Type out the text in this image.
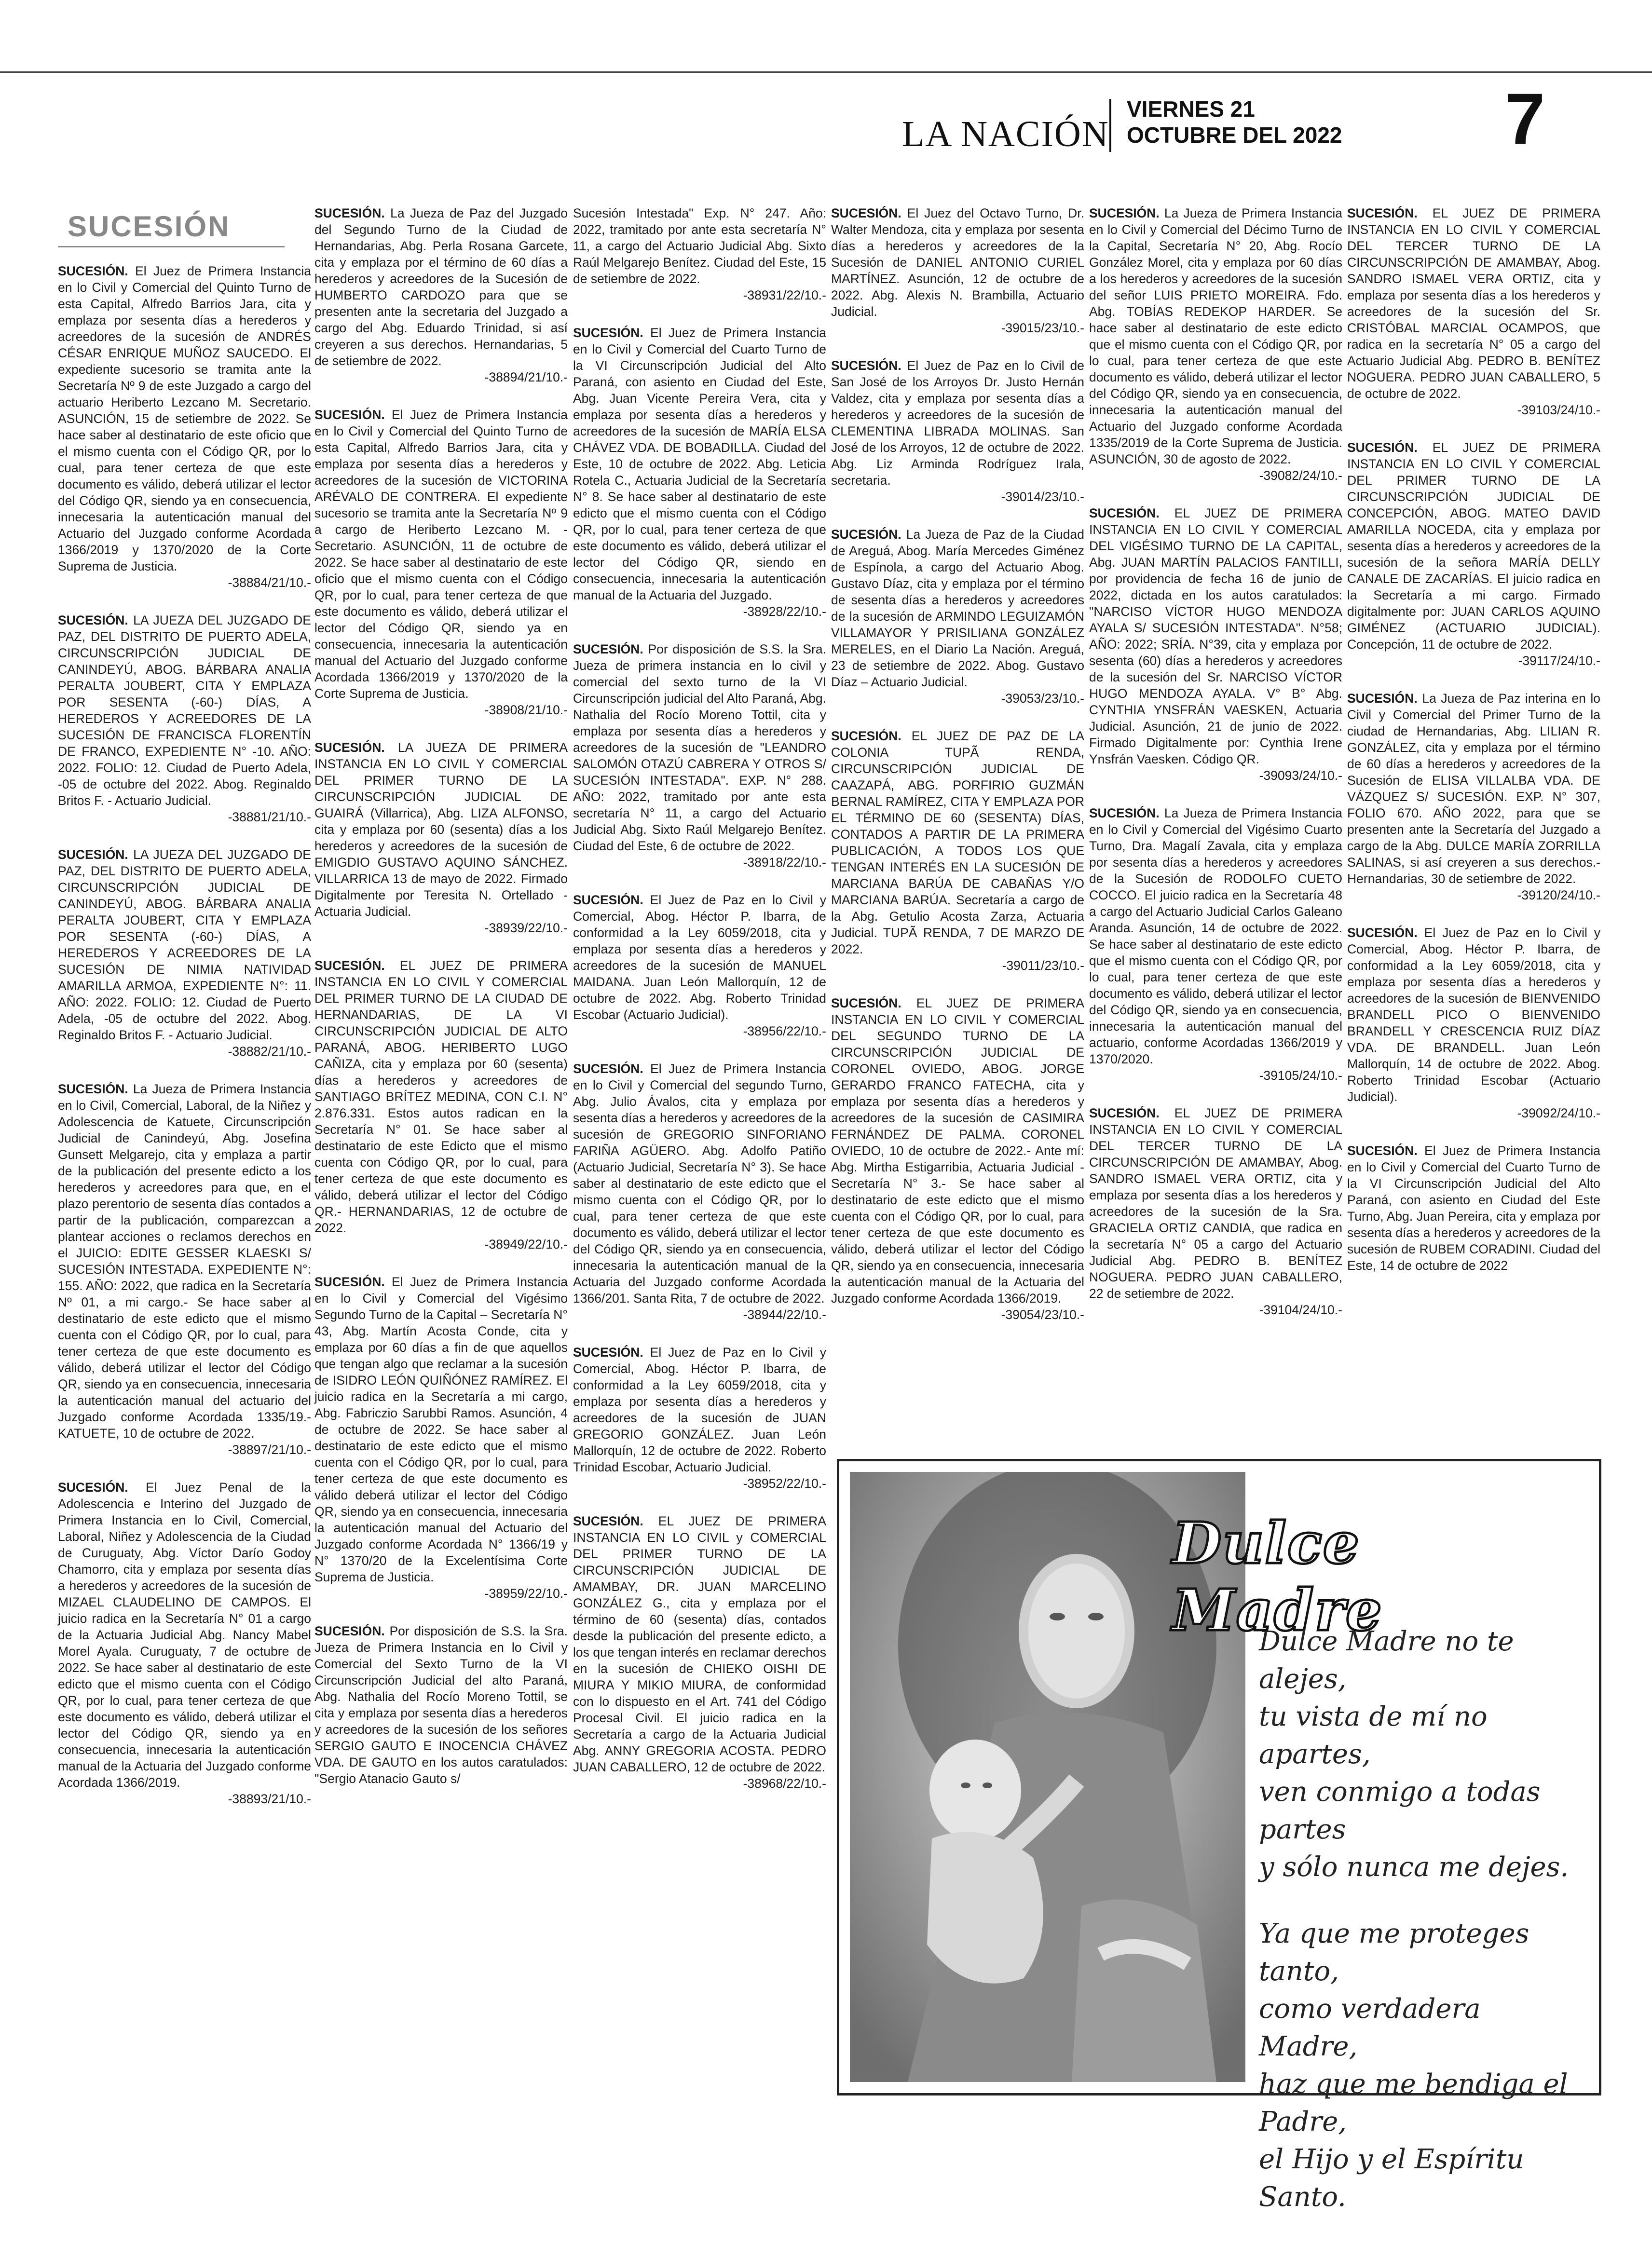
LA NACIÓN
VIERNES 21
OCTUBRE DEL 2022 7
SUCESIÓN
SUCESIÓN. El Juez de Primera Instancia en lo Civil y Comercial del Quinto Turno de esta Capital, Alfredo Barrios Jara, cita y emplaza por sesenta días a herederos y acreedores de la sucesión de ANDRÉS CÉSAR ENRIQUE MUÑOZ SAUCEDO. El expediente sucesorio se tramita ante la Secretaría Nº 9 de este Juzgado a cargo del actuario Heriberto Lezcano M. Secretario. ASUNCIÓN, 15 de setiembre de 2022. Se hace saber al destinatario de este oficio que el mismo cuenta con el Código QR, por lo cual, para tener certeza de que este documento es válido, deberá utilizar el lector del Código QR, siendo ya en consecuencia, innecesaria la autenticación manual del Actuario del Juzgado conforme Acordada 1366/2019 y 1370/2020 de la Corte Suprema de Justicia.
-38884/21/10.-
SUCESIÓN. LA JUEZA DEL JUZGADO DE PAZ, DEL DISTRITO DE PUERTO ADELA, CIRCUNSCRIPCIÓN JUDICIAL DE CANINDEYÚ, ABOG. BÁRBARA ANALIA PERALTA JOUBERT, CITA Y EMPLAZA POR SESENTA (-60-) DÍAS, A HEREDEROS Y ACREEDORES DE LA SUCESIÓN DE FRANCISCA FLORENTÍN DE FRANCO, EXPEDIENTE N° -10. AÑO: 2022. FOLIO: 12. Ciudad de Puerto Adela, -05 de octubre del 2022. Abog. Reginaldo Britos F. - Actuario Judicial.
-38881/21/10.-
SUCESIÓN. LA JUEZA DEL JUZGADO DE PAZ, DEL DISTRITO DE PUERTO ADELA, CIRCUNSCRIPCIÓN JUDICIAL DE CANINDEYÚ, ABOG. BÁRBARA ANALIA PERALTA JOUBERT, CITA Y EMPLAZA POR SESENTA (-60-) DÍAS, A HEREDEROS Y ACREEDORES DE LA SUCESIÓN DE NIMIA NATIVIDAD AMARILLA ARMOA, EXPEDIENTE N°: 11. AÑO: 2022. FOLIO: 12. Ciudad de Puerto Adela, -05 de octubre del 2022. Abog. Reginaldo Britos F. - Actuario Judicial.
-38882/21/10.-
SUCESIÓN. La Jueza de Primera Instancia en lo Civil, Comercial, Laboral, de la Niñez y Adolescencia de Katuete, Circunscripción Judicial de Canindeyú, Abg. Josefina Gunsett Melgarejo, cita y emplaza a partir de la publicación del presente edicto a los herederos y acreedores para que, en el plazo perentorio de sesenta días contados a partir de la publicación, comparezcan a plantear acciones o reclamos derechos en el JUICIO: EDITE GESSER KLAESKI S/ SUCESIÓN INTESTADA. EXPEDIENTE N°: 155. AÑO: 2022, que radica en la Secretaría Nº 01, a mi cargo.- Se hace saber al destinatario de este edicto que el mismo cuenta con el Código QR, por lo cual, para tener certeza de que este documento es válido, deberá utilizar el lector del Código QR, siendo ya en consecuencia, innecesaria la autenticación manual del actuario del Juzgado conforme Acordada 1335/19.- KATUETE, 10 de octubre de 2022.
-38897/21/10.-
SUCESIÓN. El Juez Penal de la Adolescencia e Interino del Juzgado de Primera Instancia en lo Civil, Comercial, Laboral, Niñez y Adolescencia de la Ciudad de Curuguaty, Abg. Víctor Darío Godoy Chamorro, cita y emplaza por sesenta días a herederos y acreedores de la sucesión de MIZAEL CLAUDELINO DE CAMPOS. El juicio radica en la Secretaría N° 01 a cargo de la Actuaria Judicial Abg. Nancy Mabel Morel Ayala. Curuguaty, 7 de octubre de 2022. Se hace saber al destinatario de este edicto que el mismo cuenta con el Código QR, por lo cual, para tener certeza de que este documento es válido, deberá utilizar el lector del Código QR, siendo ya en consecuencia, innecesaria la autenticación manual de la Actuaria del Juzgado conforme Acordada 1366/2019.
-38893/21/10.-
SUCESIÓN. La Jueza de Paz del Juzgado del Segundo Turno de la Ciudad de Hernandarias, Abg. Perla Rosana Garcete, cita y emplaza por el término de 60 días a herederos y acreedores de la Sucesión de HUMBERTO CARDOZO para que se presenten ante la secretaria del Juzgado a cargo del Abg. Eduardo Trinidad, si así creyeren a sus derechos. Hernandarias, 5 de setiembre de 2022.
-38894/21/10.-
SUCESIÓN. El Juez de Primera Instancia en lo Civil y Comercial del Quinto Turno de esta Capital, Alfredo Barrios Jara, cita y emplaza por sesenta días a herederos y acreedores de la sucesión de VICTORINA ARÉVALO DE CONTRERA. El expediente sucesorio se tramita ante la Secretaría Nº 9 a cargo de Heriberto Lezcano M. - Secretario. ASUNCIÓN, 11 de octubre de 2022. Se hace saber al destinatario de este oficio que el mismo cuenta con el Código QR, por lo cual, para tener certeza de que este documento es válido, deberá utilizar el lector del Código QR, siendo ya en consecuencia, innecesaria la autenticación manual del Actuario del Juzgado conforme Acordada 1366/2019 y 1370/2020 de la Corte Suprema de Justicia.
-38908/21/10.-
SUCESIÓN. LA JUEZA DE PRIMERA INSTANCIA EN LO CIVIL Y COMERCIAL DEL PRIMER TURNO DE LA CIRCUNSCRIPCIÓN JUDICIAL DE GUAIRÁ (Villarrica), Abg. LIZA ALFONSO, cita y emplaza por 60 (sesenta) días a los herederos y acreedores de la sucesión de EMIGDIO GUSTAVO AQUINO SÁNCHEZ. VILLARRICA 13 de mayo de 2022. Firmado Digitalmente por Teresita N. Ortellado - Actuaria Judicial.
-38939/22/10.-
SUCESIÓN. EL JUEZ DE PRIMERA INSTANCIA EN LO CIVIL Y COMERCIAL DEL PRIMER TURNO DE LA CIUDAD DE HERNANDARIAS, DE LA VI CIRCUNSCRIPCIÓN JUDICIAL DE ALTO PARANÁ, ABOG. HERIBERTO LUGO CAÑIZA, cita y emplaza por 60 (sesenta) días a herederos y acreedores de SANTIAGO BRÍTEZ MEDINA, CON C.I. N° 2.876.331. Estos autos radican en la Secretaría N° 01. Se hace saber al destinatario de este Edicto que el mismo cuenta con Código QR, por lo cual, para tener certeza de que este documento es válido, deberá utilizar el lector del Código QR.- HERNANDARIAS, 12 de octubre de 2022.
-38949/22/10.-
SUCESIÓN. El Juez de Primera Instancia en lo Civil y Comercial del Vigésimo Segundo Turno de la Capital – Secretaría N° 43, Abg. Martín Acosta Conde, cita y emplaza por 60 días a fin de que aquellos que tengan algo que reclamar a la sucesión de ISIDRO LEÓN QUIÑÓNEZ RAMÍREZ. El juicio radica en la Secretaría a mi cargo, Abg. Fabriczio Sarubbi Ramos. Asunción, 4 de octubre de 2022. Se hace saber al destinatario de este edicto que el mismo cuenta con el Código QR, por lo cual, para tener certeza de que este documento es válido deberá utilizar el lector del Código QR, siendo ya en consecuencia, innecesaria la autenticación manual del Actuario del Juzgado conforme Acordada N° 1366/19 y N° 1370/20 de la Excelentísima Corte Suprema de Justicia.
-38959/22/10.-
SUCESIÓN. Por disposición de S.S. la Sra. Jueza de Primera Instancia en lo Civil y Comercial del Sexto Turno de la VI Circunscripción Judicial del alto Paraná, Abg. Nathalia del Rocío Moreno Tottil, se cita y emplaza por sesenta días a herederos y acreedores de la sucesión de los señores SERGIO GAUTO E INOCENCIA CHÁVEZ VDA. DE GAUTO en los autos caratulados: "Sergio Atanacio Gauto s/
Sucesión Intestada" Exp. N° 247. Año: 2022, tramitado por ante esta secretaría N° 11, a cargo del Actuario Judicial Abg. Sixto Raúl Melgarejo Benítez. Ciudad del Este, 15 de setiembre de 2022.
-38931/22/10.-
SUCESIÓN. El Juez de Primera Instancia en lo Civil y Comercial del Cuarto Turno de la VI Circunscripción Judicial del Alto Paraná, con asiento en Ciudad del Este, Abg. Juan Vicente Pereira Vera, cita y emplaza por sesenta días a herederos y acreedores de la sucesión de MARÍA ELSA CHÁVEZ VDA. DE BOBADILLA. Ciudad del Este, 10 de octubre de 2022. Abg. Leticia Rotela C., Actuaria Judicial de la Secretaría N° 8. Se hace saber al destinatario de este edicto que el mismo cuenta con el Código QR, por lo cual, para tener certeza de que este documento es válido, deberá utilizar el lector del Código QR, siendo en consecuencia, innecesaria la autenticación manual de la Actuaria del Juzgado.
-38928/22/10.-
SUCESIÓN. Por disposición de S.S. la Sra. Jueza de primera instancia en lo civil y comercial del sexto turno de la VI Circunscripción judicial del Alto Paraná, Abg. Nathalia del Rocío Moreno Tottil, cita y emplaza por sesenta días a herederos y acreedores de la sucesión de "LEANDRO SALOMÓN OTAZÚ CABRERA Y OTROS S/ SUCESIÓN INTESTADA". EXP. N° 288. AÑO: 2022, tramitado por ante esta secretaría N° 11, a cargo del Actuario Judicial Abg. Sixto Raúl Melgarejo Benítez. Ciudad del Este, 6 de octubre de 2022.
-38918/22/10.-
SUCESIÓN. El Juez de Paz en lo Civil y Comercial, Abog. Héctor P. Ibarra, de conformidad a la Ley 6059/2018, cita y emplaza por sesenta días a herederos y acreedores de la sucesión de MANUEL MAIDANA. Juan León Mallorquín, 12 de octubre de 2022. Abg. Roberto Trinidad Escobar (Actuario Judicial).
-38956/22/10.-
SUCESIÓN. El Juez de Primera Instancia en lo Civil y Comercial del segundo Turno, Abg. Julio Ávalos, cita y emplaza por sesenta días a herederos y acreedores de la sucesión de GREGORIO SINFORIANO FARIÑA AGÜERO. Abg. Adolfo Patiño (Actuario Judicial, Secretaría N° 3). Se hace saber al destinatario de este edicto que el mismo cuenta con el Código QR, por lo cual, para tener certeza de que este documento es válido, deberá utilizar el lector del Código QR, siendo ya en consecuencia, innecesaria la autenticación manual de la Actuaria del Juzgado conforme Acordada 1366/201. Santa Rita, 7 de octubre de 2022.
-38944/22/10.-
SUCESIÓN. El Juez de Paz en lo Civil y Comercial, Abog. Héctor P. Ibarra, de conformidad a la Ley 6059/2018, cita y emplaza por sesenta días a herederos y acreedores de la sucesión de JUAN GREGORIO GONZÁLEZ. Juan León Mallorquín, 12 de octubre de 2022. Roberto Trinidad Escobar, Actuario Judicial.
-38952/22/10.-
SUCESIÓN. EL JUEZ DE PRIMERA INSTANCIA EN LO CIVIL y COMERCIAL DEL PRIMER TURNO DE LA CIRCUNSCRIPCIÓN JUDICIAL DE AMAMBAY, DR. JUAN MARCELINO GONZÁLEZ G., cita y emplaza por el término de 60 (sesenta) días, contados desde la publicación del presente edicto, a los que tengan interés en reclamar derechos en la sucesión de CHIEKO OISHI DE MIURA Y MIKIO MIURA, de conformidad con lo dispuesto en el Art. 741 del Código Procesal Civil. El juicio radica en la Secretaría a cargo de la Actuaria Judicial Abg. ANNY GREGORIA ACOSTA. PEDRO JUAN CABALLERO, 12 de octubre de 2022.
-38968/22/10.-
SUCESIÓN. El Juez del Octavo Turno, Dr. Walter Mendoza, cita y emplaza por sesenta días a herederos y acreedores de la Sucesión de DANIEL ANTONIO CURIEL MARTÍNEZ. Asunción, 12 de octubre de 2022. Abg. Alexis N. Brambilla, Actuario Judicial.
-39015/23/10.-
SUCESIÓN. El Juez de Paz en lo Civil de San José de los Arroyos Dr. Justo Hernán Valdez, cita y emplaza por sesenta días a herederos y acreedores de la sucesión de CLEMENTINA LIBRADA MOLINAS. San José de los Arroyos, 12 de octubre de 2022. Abg. Liz Arminda Rodríguez Irala, secretaria.
-39014/23/10.-
SUCESIÓN. La Jueza de Paz de la Ciudad de Areguá, Abog. María Mercedes Giménez de Espínola, a cargo del Actuario Abog. Gustavo Díaz, cita y emplaza por el término de sesenta días a herederos y acreedores de la sucesión de ARMINDO LEGUIZAMÓN VILLAMAYOR Y PRISILIANA GONZÁLEZ MERELES, en el Diario La Nación. Areguá, 23 de setiembre de 2022. Abog. Gustavo Díaz – Actuario Judicial.
-39053/23/10.-
SUCESIÓN. EL JUEZ DE PAZ DE LA COLONIA TUPÃ RENDA, CIRCUNSCRIPCIÓN JUDICIAL DE CAAZAPÁ, ABG. PORFIRIO GUZMÁN BERNAL RAMÍREZ, CITA Y EMPLAZA POR EL TÉRMINO DE 60 (SESENTA) DÍAS, CONTADOS A PARTIR DE LA PRIMERA PUBLICACIÓN, A TODOS LOS QUE TENGAN INTERÉS EN LA SUCESIÓN DE MARCIANA BARÚA DE CABAÑAS Y/O MARCIANA BARÚA. Secretaría a cargo de la Abg. Getulio Acosta Zarza, Actuaria Judicial. TUPÃ RENDA, 7 DE MARZO DE 2022.
-39011/23/10.-
SUCESIÓN. EL JUEZ DE PRIMERA INSTANCIA EN LO CIVIL Y COMERCIAL DEL SEGUNDO TURNO DE LA CIRCUNSCRIPCIÓN JUDICIAL DE CORONEL OVIEDO, ABOG. JORGE GERARDO FRANCO FATECHA, cita y emplaza por sesenta días a herederos y acreedores de la sucesión de CASIMIRA FERNÁNDEZ DE PALMA. CORONEL OVIEDO, 10 de octubre de 2022.- Ante mí: Abg. Mirtha Estigarribia, Actuaria Judicial - Secretaría N° 3.- Se hace saber al destinatario de este edicto que el mismo cuenta con el Código QR, por lo cual, para tener certeza de que este documento es válido, deberá utilizar el lector del Código QR, siendo ya en consecuencia, innecesaria la autenticación manual de la Actuaria del Juzgado conforme Acordada 1366/2019.
-39054/23/10.-
SUCESIÓN. La Jueza de Primera Instancia en lo Civil y Comercial del Décimo Turno de la Capital, Secretaría N° 20, Abg. Rocío González Morel, cita y emplaza por 60 días a los herederos y acreedores de la sucesión del señor LUIS PRIETO MOREIRA. Fdo. Abg. TOBÍAS REDEKOP HARDER. Se hace saber al destinatario de este edicto que el mismo cuenta con el Código QR, por lo cual, para tener certeza de que este documento es válido, deberá utilizar el lector del Código QR, siendo ya en consecuencia, innecesaria la autenticación manual del Actuario del Juzgado conforme Acordada 1335/2019 de la Corte Suprema de Justicia. ASUNCIÓN, 30 de agosto de 2022.
-39082/24/10.-
SUCESIÓN. EL JUEZ DE PRIMERA INSTANCIA EN LO CIVIL Y COMERCIAL DEL VIGÉSIMO TURNO DE LA CAPITAL, Abg. JUAN MARTÍN PALACIOS FANTILLI, por providencia de fecha 16 de junio de 2022, dictada en los autos caratulados: "NARCISO VÍCTOR HUGO MENDOZA AYALA S/ SUCESIÓN INTESTADA". N°58; AÑO: 2022; SRÍA. N°39, cita y emplaza por sesenta (60) días a herederos y acreedores de la sucesión del Sr. NARCISO VÍCTOR HUGO MENDOZA AYALA. V° B° Abg. CYNTHIA YNSFRÁN VAESKEN, Actuaria Judicial. Asunción, 21 de junio de 2022. Firmado Digitalmente por: Cynthia Irene Ynsfrán Vaesken. Código QR.
-39093/24/10.-
SUCESIÓN. La Jueza de Primera Instancia en lo Civil y Comercial del Vigésimo Cuarto Turno, Dra. Magalí Zavala, cita y emplaza por sesenta días a herederos y acreedores de la Sucesión de RODOLFO CUETO COCCO. El juicio radica en la Secretaría 48 a cargo del Actuario Judicial Carlos Galeano Aranda. Asunción, 14 de octubre de 2022. Se hace saber al destinatario de este edicto que el mismo cuenta con el Código QR, por lo cual, para tener certeza de que este documento es válido, deberá utilizar el lector del Código QR, siendo ya en consecuencia, innecesaria la autenticación manual del actuario, conforme Acordadas 1366/2019 y 1370/2020.
-39105/24/10.-
SUCESIÓN. EL JUEZ DE PRIMERA INSTANCIA EN LO CIVIL Y COMERCIAL DEL TERCER TURNO DE LA CIRCUNSCRIPCIÓN DE AMAMBAY, Abog. SANDRO ISMAEL VERA ORTIZ, cita y emplaza por sesenta días a los herederos y acreedores de la sucesión de la Sra. GRACIELA ORTIZ CANDIA, que radica en la secretaría N° 05 a cargo del Actuario Judicial Abg. PEDRO B. BENÍTEZ NOGUERA. PEDRO JUAN CABALLERO, 22 de setiembre de 2022.
-39104/24/10.-
SUCESIÓN. EL JUEZ DE PRIMERA INSTANCIA EN LO CIVIL Y COMERCIAL DEL TERCER TURNO DE LA CIRCUNSCRIPCIÓN DE AMAMBAY, Abog. SANDRO ISMAEL VERA ORTIZ, cita y emplaza por sesenta días a los herederos y acreedores de la sucesión del Sr. CRISTÓBAL MARCIAL OCAMPOS, que radica en la secretaría N° 05 a cargo del Actuario Judicial Abg. PEDRO B. BENÍTEZ NOGUERA. PEDRO JUAN CABALLERO, 5 de octubre de 2022.
-39103/24/10.-
SUCESIÓN. EL JUEZ DE PRIMERA INSTANCIA EN LO CIVIL Y COMERCIAL DEL PRIMER TURNO DE LA CIRCUNSCRIPCIÓN JUDICIAL DE CONCEPCIÓN, ABOG. MATEO DAVID AMARILLA NOCEDA, cita y emplaza por sesenta días a herederos y acreedores de la sucesión de la señora MARÍA DELLY CANALE DE ZACARÍAS. El juicio radica en la Secretaría a mi cargo. Firmado digitalmente por: JUAN CARLOS AQUINO GIMÉNEZ (ACTUARIO JUDICIAL). Concepción, 11 de octubre de 2022.
-39117/24/10.-
SUCESIÓN. La Jueza de Paz interina en lo Civil y Comercial del Primer Turno de la ciudad de Hernandarias, Abg. LILIAN R. GONZÁLEZ, cita y emplaza por el término de 60 días a herederos y acreedores de la Sucesión de ELISA VILLALBA VDA. DE VÁZQUEZ S/ SUCESIÓN. EXP. N° 307, FOLIO 670. AÑO 2022, para que se presenten ante la Secretaría del Juzgado a cargo de la Abg. DULCE MARÍA ZORRILLA SALINAS, si así creyeren a sus derechos.- Hernandarias, 30 de setiembre de 2022.
-39120/24/10.-
SUCESIÓN. El Juez de Paz en lo Civil y Comercial, Abog. Héctor P. Ibarra, de conformidad a la Ley 6059/2018, cita y emplaza por sesenta días a herederos y acreedores de la sucesión de BIENVENIDO BRANDELL PICO O BIENVENIDO BRANDELL Y CRESCENCIA RUIZ DÍAZ VDA. DE BRANDELL. Juan León Mallorquín, 14 de octubre de 2022. Abog. Roberto Trinidad Escobar (Actuario Judicial).
-39092/24/10.-
SUCESIÓN. El Juez de Primera Instancia en lo Civil y Comercial del Cuarto Turno de la VI Circunscripción Judicial del Alto Paraná, con asiento en Ciudad del Este Turno, Abg. Juan Pereira, cita y emplaza por sesenta días a herederos y acreedores de la sucesión de RUBEM CORADINI. Ciudad del Este, 14 de octubre de 2022
Dulce Madre

Dulce Madre no te alejes,
tu vista de mí no apartes,
ven conmigo a todas partes
y sólo nunca me dejes.

Ya que me proteges tanto,
como verdadera Madre,
haz que me bendiga el Padre,
el Hijo y el Espíritu Santo.
